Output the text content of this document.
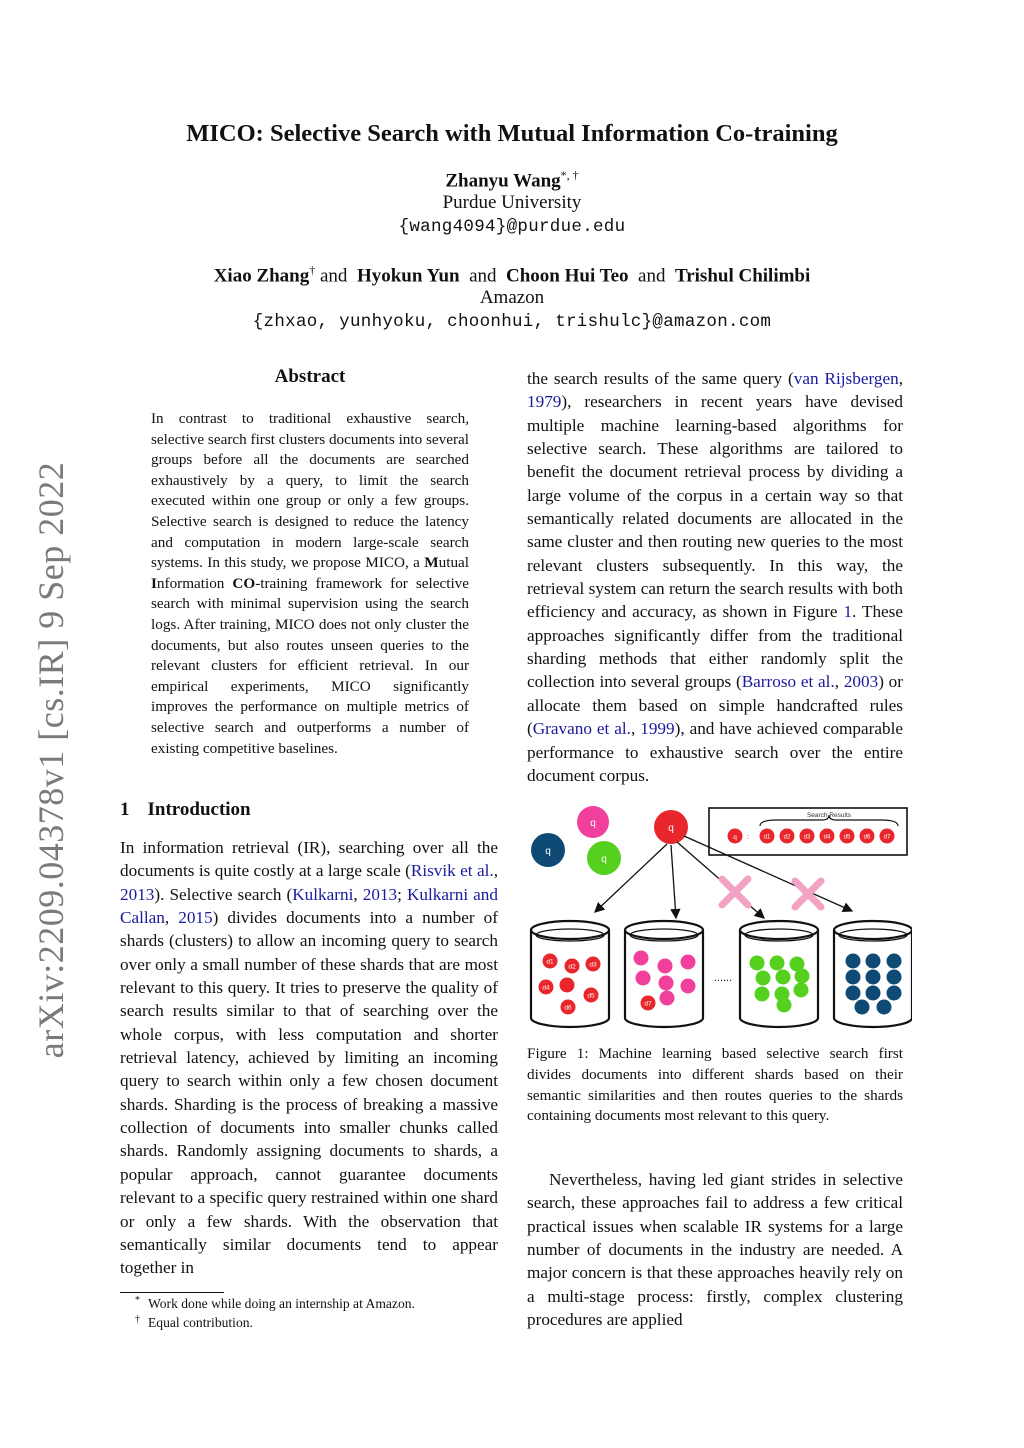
arXiv:2209.04378v1 [cs.IR] 9 Sep 2022
MICO: Selective Search with Mutual Information Co-training
Zhanyu Wang*, †
Purdue University
{wang4094}@purdue.edu
Xiao Zhang† and Hyokun Yun and Choon Hui Teo and Trishul Chilimbi
Amazon
{zhxao, yunhyoku, choonhui, trishulc}@amazon.com
Abstract
In contrast to traditional exhaustive search, selective search first clusters documents into several groups before all the documents are searched exhaustively by a query, to limit the search executed within one group or only a few groups. Selective search is designed to reduce the latency and computation in modern large-scale search systems. In this study, we propose MICO, a Mutual Information CO-training framework for selective search with minimal supervision using the search logs. After training, MICO does not only cluster the documents, but also routes unseen queries to the relevant clusters for efficient retrieval. In our empirical experiments, MICO significantly improves the performance on multiple metrics of selective search and outperforms a number of existing competitive baselines.
1 Introduction
In information retrieval (IR), searching over all the documents is quite costly at a large scale (Risvik et al., 2013). Selective search (Kulkarni, 2013; Kulkarni and Callan, 2015) divides documents into a number of shards (clusters) to allow an incoming query to search over only a small number of these shards that are most relevant to this query. It tries to preserve the quality of search results similar to that of searching over the whole corpus, with less computation and shorter retrieval latency, achieved by limiting an incoming query to search within only a few chosen document shards. Sharding is the process of breaking a massive collection of documents into smaller chunks called shards. Randomly assigning documents to shards, a popular approach, cannot guarantee documents relevant to a specific query restrained within one shard or only a few shards. With the observation that semantically similar documents tend to appear together in
* Work done while doing an internship at Amazon.
† Equal contribution.
the search results of the same query (van Rijsbergen, 1979), researchers in recent years have devised multiple machine learning-based algorithms for selective search. These algorithms are tailored to benefit the document retrieval process by dividing a large volume of the corpus in a certain way so that semantically related documents are allocated in the same cluster and then routing new queries to the most relevant clusters subsequently. In this way, the retrieval system can return the search results with both efficiency and accuracy, as shown in Figure 1. These approaches significantly differ from the traditional sharding methods that either randomly split the collection into several groups (Barroso et al., 2003) or allocate them based on simple handcrafted rules (Gravano et al., 1999), and have achieved comparable performance to exhaustive search over the entire document corpus.
q
q
q
q
Search Results
q : d1 d2 d3 d4 d5 d6 d7
d1
d2 d3
d4
d5
d6
d7
......
Figure 1: Machine learning based selective search first divides documents into different shards based on their semantic similarities and then routes queries to the shards containing documents most relevant to this query.
Nevertheless, having led giant strides in selective search, these approaches fail to address a few critical practical issues when scalable IR systems for a large number of documents in the industry are needed. A major concern is that these approaches heavily rely on a multi-stage process: firstly, complex clustering procedures are applied
